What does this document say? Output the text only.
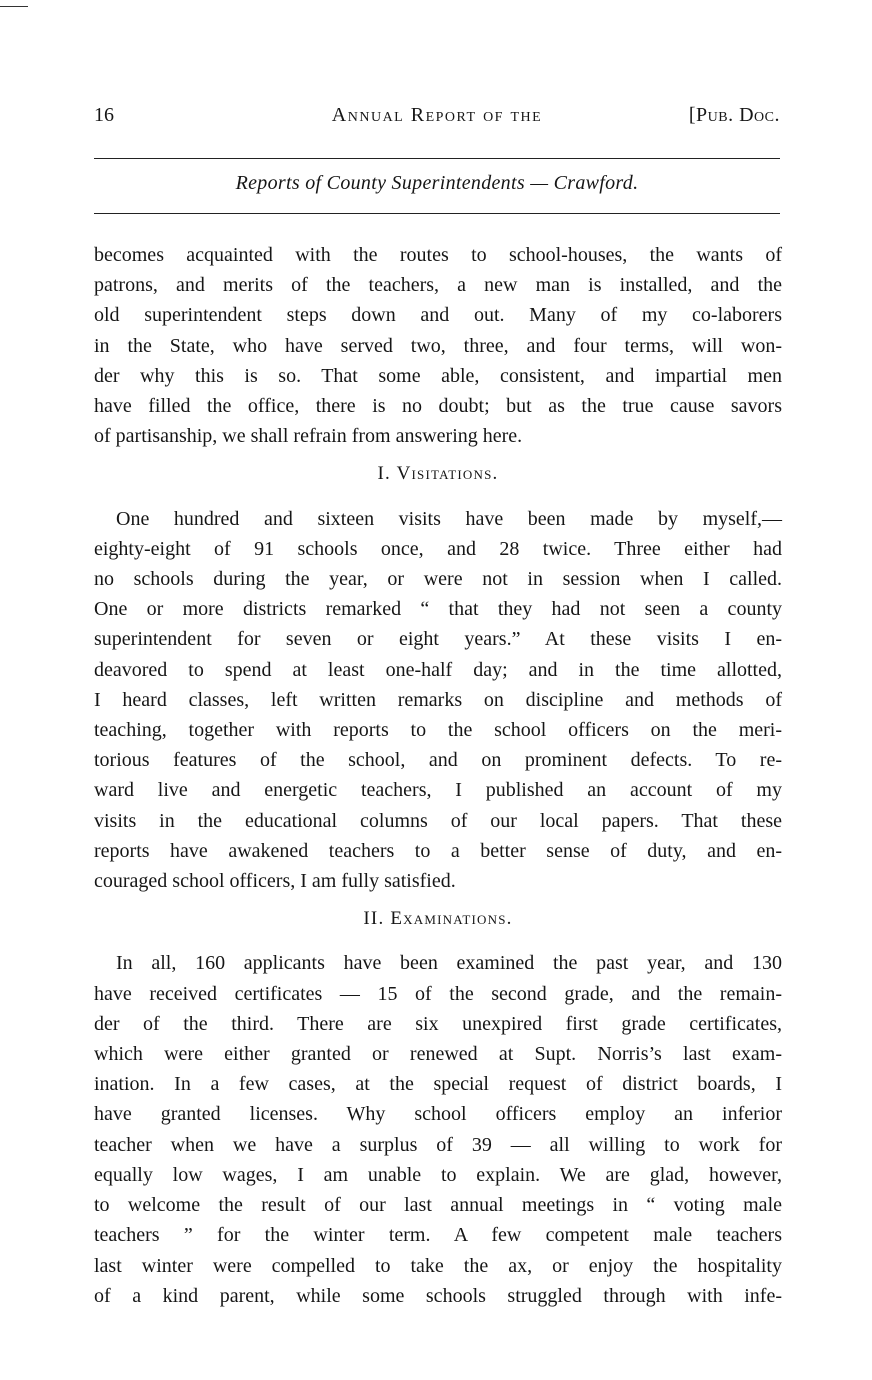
16	Annual Report of the	[Pub. Doc.
Reports of County Superintendents — Crawford.

becomes acquainted with the routes to school-houses, the wants of
patrons, and merits of the teachers, a new man is installed, and the
old superintendent steps down and out. Many of my co-laborers
in the State, who have served two, three, and four terms, will won-
der why this is so. That some able, consistent, and impartial men
have filled the office, there is no doubt; but as the true cause savors
of partisanship, we shall refrain from answering here.

I. Visitations.

One hundred and sixteen visits have been made by myself,—
eighty-eight of 91 schools once, and 28 twice. Three either had
no schools during the year, or were not in session when I called.
One or more districts remarked “ that they had not seen a county
superintendent for seven or eight years.” At these visits I en-
deavored to spend at least one-half day; and in the time allotted,
I heard classes, left written remarks on discipline and methods of
teaching, together with reports to the school officers on the meri-
torious features of the school, and on prominent defects. To re-
ward live and energetic teachers, I published an account of my
visits in the educational columns of our local papers. That these
reports have awakened teachers to a better sense of duty, and en-
couraged school officers, I am fully satisfied.

II. Examinations.

In all, 160 applicants have been examined the past year, and 130
have received certificates — 15 of the second grade, and the remain-
der of the third. There are six unexpired first grade certificates,
which were either granted or renewed at Supt. Norris’s last exam-
ination. In a few cases, at the special request of district boards, I
have granted licenses. Why school officers employ an inferior
teacher when we have a surplus of 39 — all willing to work for
equally low wages, I am unable to explain. We are glad, however,
to welcome the result of our last annual meetings in “ voting male
teachers ” for the winter term. A few competent male teachers
last winter were compelled to take the ax, or enjoy the hospitality
of a kind parent, while some schools struggled through with infe-
